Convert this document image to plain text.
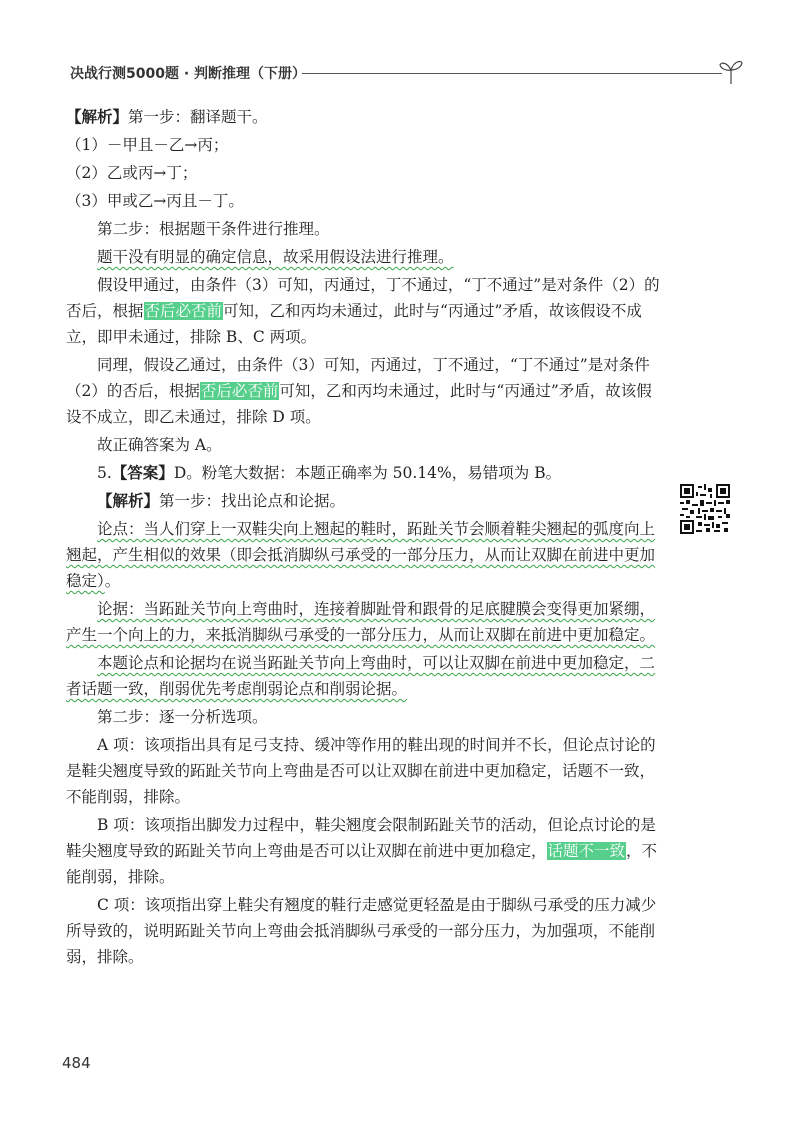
决战行测5000题 · 判断推理（下册）

【解析】第一步：翻译题干。

（1）－甲且－乙→丙；

（2）乙或丙→丁；

（3）甲或乙→丙且－丁。

第二步：根据题干条件进行推理。

题干没有明显的确定信息，故采用假设法进行推理。

假设甲通过，由条件（3）可知，丙通过，丁不通过，“丁不通过”是对条件（2）的否后，根据否后必否前可知，乙和丙均未通过，此时与“丙通过”矛盾，故该假设不成立，即甲未通过，排除 B、C 两项。

同理，假设乙通过，由条件（3）可知，丙通过，丁不通过，“丁不通过”是对条件（2）的否后，根据否后必否前可知，乙和丙均未通过，此时与“丙通过”矛盾，故该假设不成立，即乙未通过，排除 D 项。

故正确答案为 A。

5.【答案】D。粉笔大数据：本题正确率为 50.14%，易错项为 B。

【解析】第一步：找出论点和论据。

论点：当人们穿上一双鞋尖向上翘起的鞋时，跖趾关节会顺着鞋尖翘起的弧度向上翘起，产生相似的效果（即会抵消脚纵弓承受的一部分压力，从而让双脚在前进中更加稳定）。

论据：当跖趾关节向上弯曲时，连接着脚趾骨和跟骨的足底腱膜会变得更加紧绷，产生一个向上的力，来抵消脚纵弓承受的一部分压力，从而让双脚在前进中更加稳定。

本题论点和论据均在说当跖趾关节向上弯曲时，可以让双脚在前进中更加稳定，二者话题一致，削弱优先考虑削弱论点和削弱论据。

第二步：逐一分析选项。

A 项：该项指出具有足弓支持、缓冲等作用的鞋出现的时间并不长，但论点讨论的是鞋尖翘度导致的跖趾关节向上弯曲是否可以让双脚在前进中更加稳定，话题不一致，不能削弱，排除。

B 项：该项指出脚发力过程中，鞋尖翘度会限制跖趾关节的活动，但论点讨论的是鞋尖翘度导致的跖趾关节向上弯曲是否可以让双脚在前进中更加稳定，话题不一致，不能削弱，排除。

C 项：该项指出穿上鞋尖有翘度的鞋行走感觉更轻盈是由于脚纵弓承受的压力减少所导致的，说明跖趾关节向上弯曲会抵消脚纵弓承受的一部分压力，为加强项，不能削弱，排除。

484
